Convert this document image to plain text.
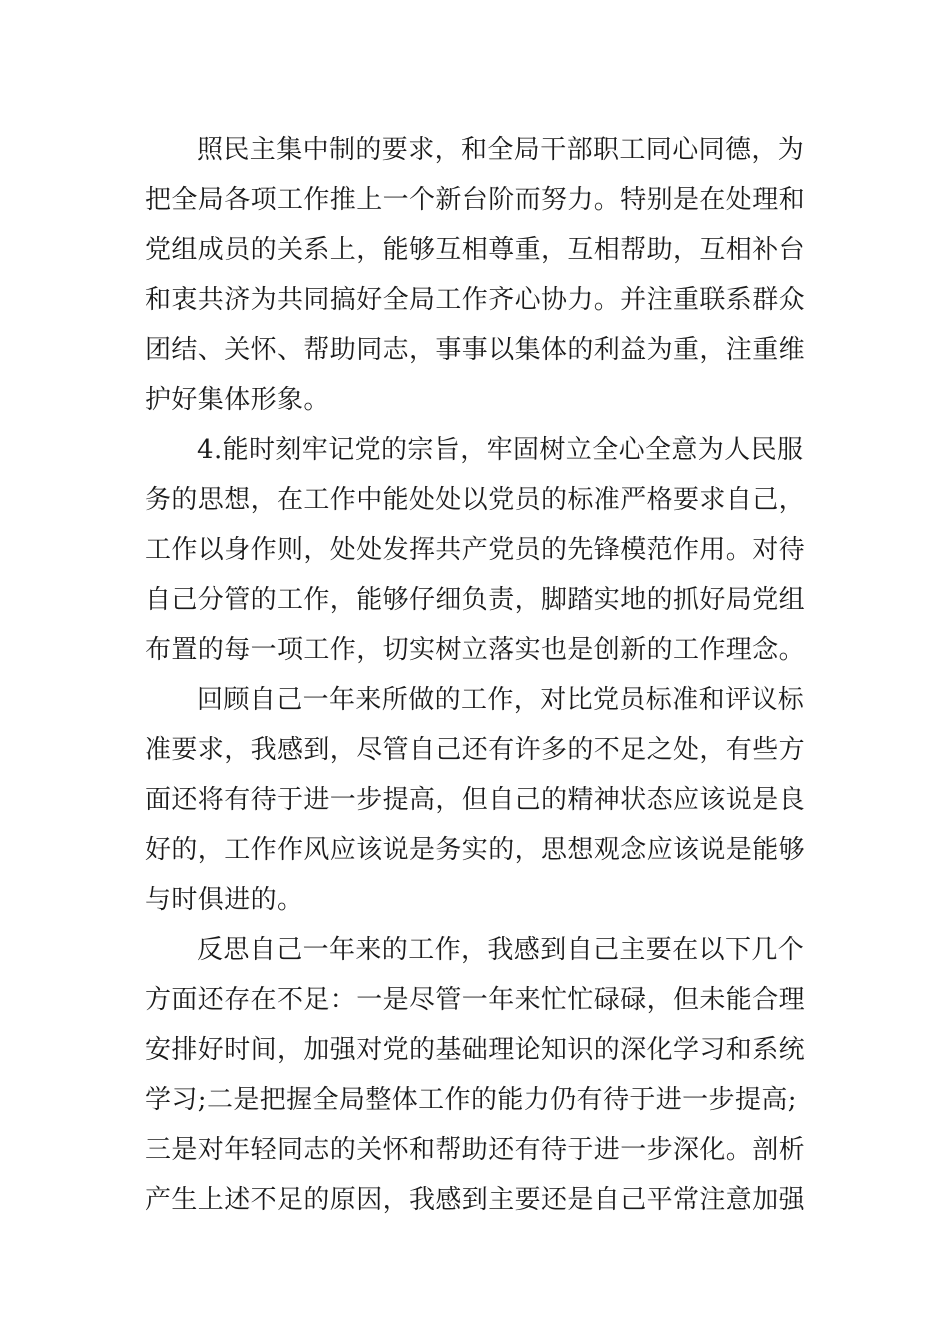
照民主集中制的要求，和全局干部职工同心同德，为
把全局各项工作推上一个新台阶而努力。特别是在处理和
党组成员的关系上，能够互相尊重，互相帮助，互相补台
和衷共济为共同搞好全局工作齐心协力。并注重联系群众
团结、关怀、帮助同志，事事以集体的利益为重，注重维
护好集体形象。
4.能时刻牢记党的宗旨，牢固树立全心全意为人民服
务的思想，在工作中能处处以党员的标准严格要求自己，
工作以身作则，处处发挥共产党员的先锋模范作用。对待
自己分管的工作，能够仔细负责，脚踏实地的抓好局党组
布置的每一项工作，切实树立落实也是创新的工作理念。
回顾自己一年来所做的工作，对比党员标准和评议标
准要求，我感到，尽管自己还有许多的不足之处，有些方
面还将有待于进一步提高，但自己的精神状态应该说是良
好的，工作作风应该说是务实的，思想观念应该说是能够
与时俱进的。
反思自己一年来的工作，我感到自己主要在以下几个
方面还存在不足：一是尽管一年来忙忙碌碌，但未能合理
安排好时间，加强对党的基础理论知识的深化学习和系统
学习;二是把握全局整体工作的能力仍有待于进一步提高;
三是对年轻同志的关怀和帮助还有待于进一步深化。剖析
产生上述不足的原因，我感到主要还是自己平常注意加强
